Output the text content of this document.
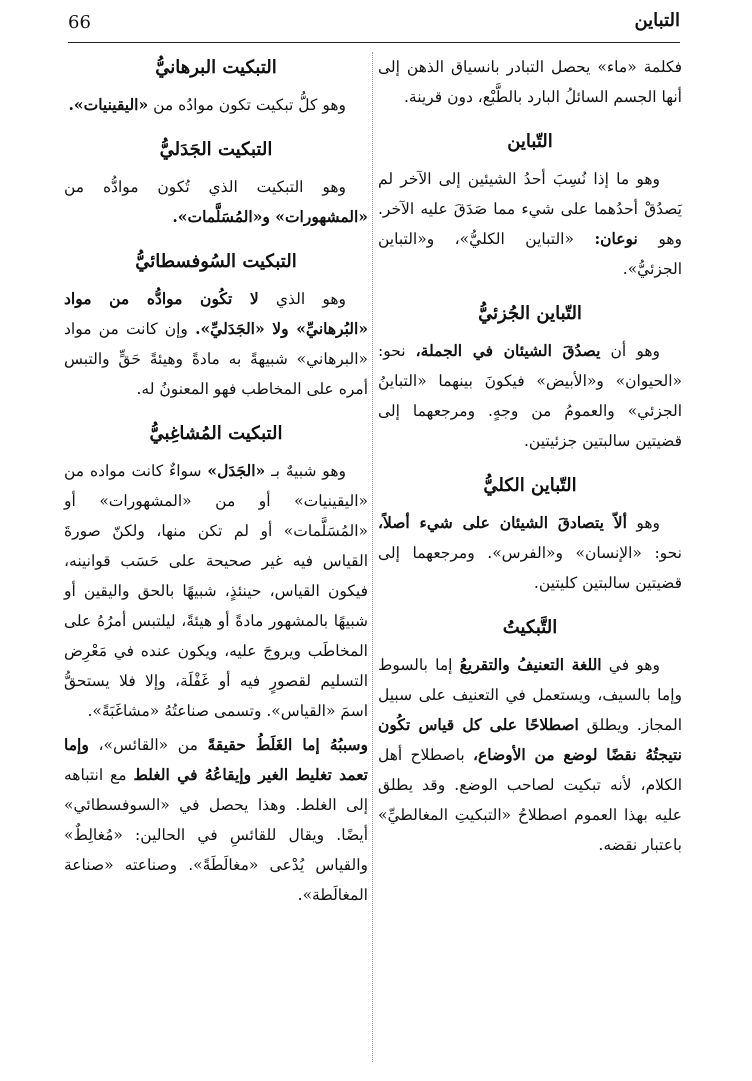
66	التباين

فكلمة «ماء» يحصل التبادر بانسياق الذهن إلى أنها الجسم السائلُ البارد بالطَّبْع، دون قرينة.

التّباين

وهو ما إذا نُسِبَ أحدُ الشيئين إلى الآخر لم يَصدُقْ أحدُهما على شيء مما صَدَقَ عليه الآخر. وهو نوعان: «التباين الكليُّ»، و«التباين الجزئيُّ».

التّباين الجُزئيُّ

وهو أن يصدُقَ الشيئان في الجملة، نحو: «الحيوان» و«الأبيض» فيكونَ بينهما «التباينُ الجزئي» والعمومُ من وجهٍ. ومرجعهما إلى قضيتين سالبتين جزئيتين.

التّباين الكليُّ

وهو ألاّ يتصادقَ الشيئان على شيء أصلاً، نحو: «الإنسان» و«الفرس». ومرجعهما إلى قضيتين سالبتين كليتين.

التَّبكيتُ

وهو في اللغة التعنيفُ والتقريعُ إما بالسوط وإما بالسيف، ويستعمل في التعنيف على سبيل المجاز. ويطلق اصطلاحًا على كل قياس تكُون نتيجتُهُ نقضًا لوضع من الأوضاع، باصطلاح أهل الكلام، لأنه تبكيت لصاحب الوضع. وقد يطلق عليه بهذا العموم اصطلاحُ «التبكيتِ المغالطيِّ» باعتبار نقضه.

التبكيت البرهانيُّ

وهو كلُّ تبكيت تكون موادُه من «اليقينيات».

التبكيت الجَدَليُّ

وهو التبكيت الذي تُكون موادُّه من «المشهورات» و«المُسَلَّمات».

التبكيت السُوفسطائيُّ

وهو الذي لا تكُون موادُّه من مواد «البُرهانيِّ» ولا «الجَدَليِّ». وإن كانت من مواد «البرهاني» شبيهةً به مادةً وهيئةً حَقٍّ والتبس أمره على المخاطب فهو المعنونُ له.

التبكيت المُشاغِبيُّ

وهو شبيهٌ بـ «الجَدَل» سواءٌ كانت مواده من «اليقينيات» أو من «المشهورات» أو «المُسَلَّمات» أو لم تكن منها، ولكنّ صورةَ القياس فيه غير صحيحة على حَسَب قوانينه، فيكون القياس، حينئذٍ، شبيهًا بالحق واليقين أو شبيهًا بالمشهور مادةً أو هيئةً، ليلتبس أمرُهُ على المخاطَب ويروجَ عليه، ويكون عنده في مَعْرِض التسليم لقصورٍ فيه أو غَفْلَة، وإلا فلا يستحقُّ اسمَ «القياس». وتسمى صناعتُهُ «مشاغَبَةً».

وسببُهُ إما الغَلَطُ حقيقةً من «القائس»، وإما تعمد تغليط الغير وإيقاعُهُ في الغلط مع انتباهه إلى الغلط. وهذا يحصل في «السوفسطائي» أيضًا. ويقال للقائسِ في الحالين: «مُغالِطٌ» والقياس يُدْعى «مغالَطَةً». وصناعته «صناعة المغالَطة».
